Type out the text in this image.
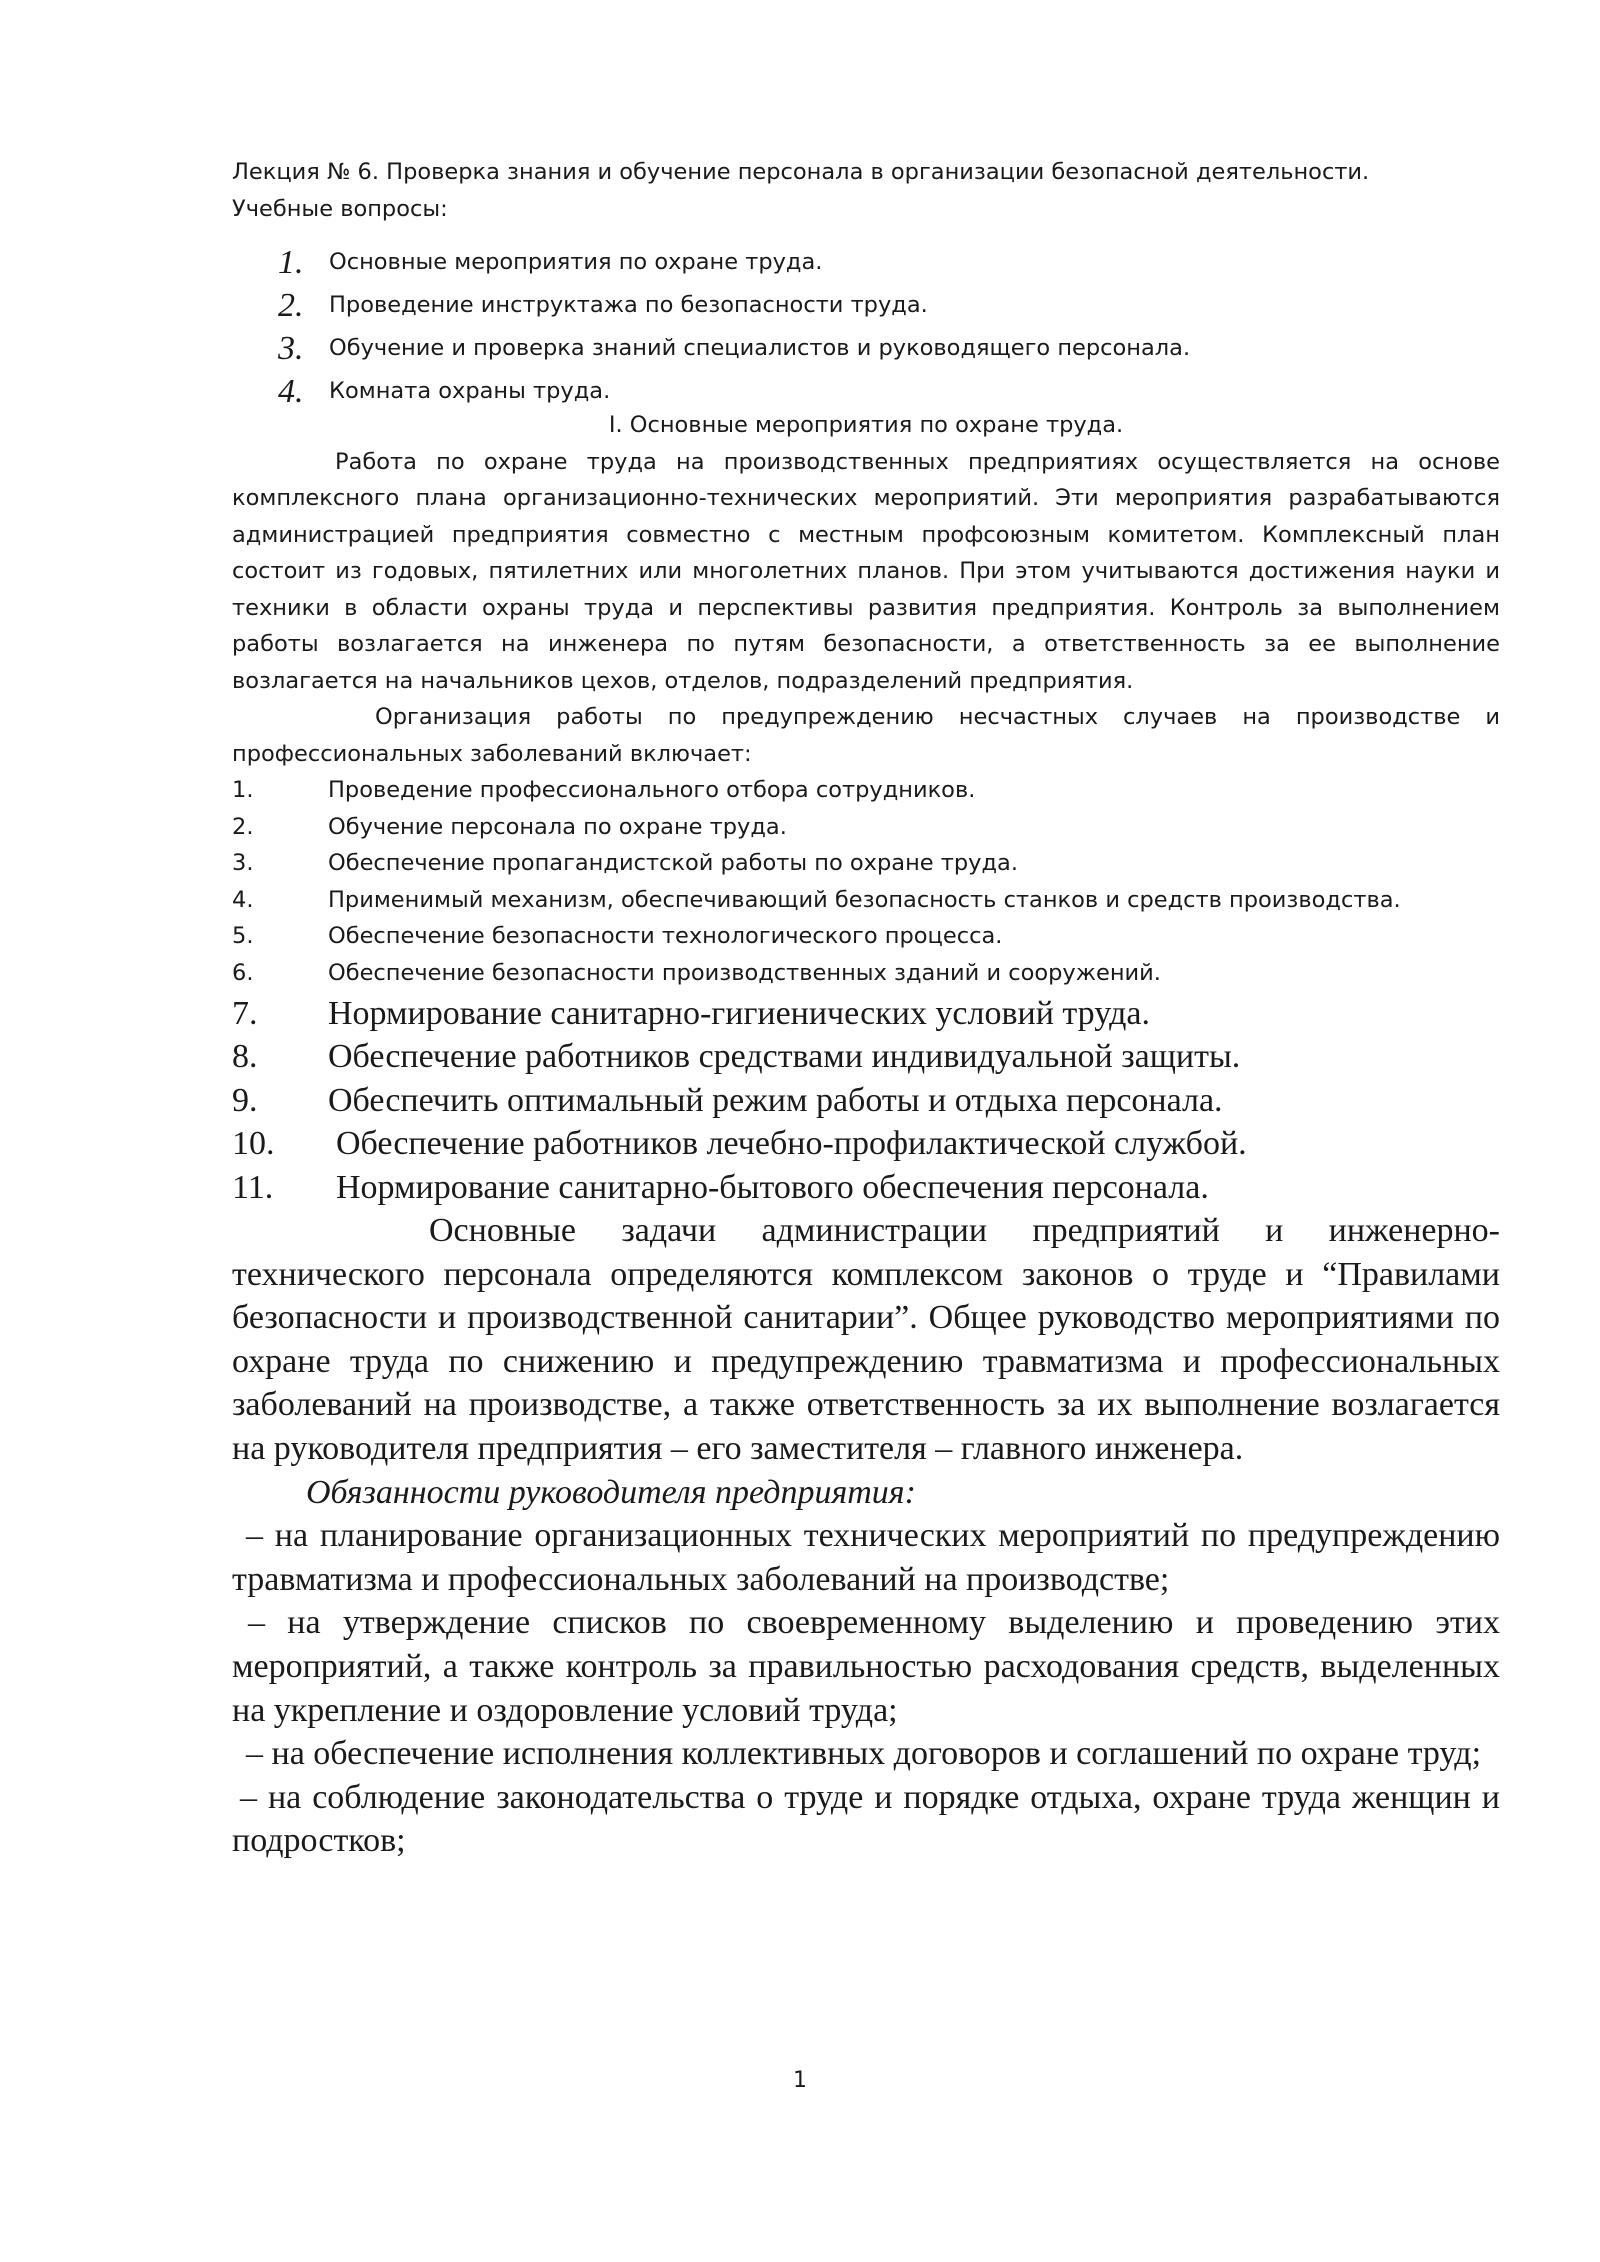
Лекция № 6. Проверка знания и обучение персонала в организации безопасной деятельности.

Учебные вопросы:

1. Основные мероприятия по охране труда.
2. Проведение инструктажа по безопасности труда.
3. Обучение и проверка знаний специалистов и руководящего персонала.
4. Комната охраны труда.

I. Основные мероприятия по охране труда.

Работа по охране труда на производственных предприятиях осуществляется на основе комплексного плана организационно-технических мероприятий. Эти мероприятия разрабатываются администрацией предприятия совместно с местным профсоюзным комитетом. Комплексный план состоит из годовых, пятилетних или многолетних планов. При этом учитываются достижения науки и техники в области охраны труда и перспективы развития предприятия. Контроль за выполнением работы возлагается на инженера по путям безопасности, а ответственность за ее выполнение возлагается на начальников цехов, отделов, подразделений предприятия.

Организация работы по предупреждению несчастных случаев на производстве и профессиональных заболеваний включает:

1.	Проведение профессионального отбора сотрудников.
2.	Обучение персонала по охране труда.
3.	Обеспечение пропагандистской работы по охране труда.
4.	Применимый механизм, обеспечивающий безопасность станков и средств производства.
5.	Обеспечение безопасности технологического процесса.
6.	Обеспечение безопасности производственных зданий и сооружений.
7. Нормирование санитарно-гигиенических условий труда.
8. Обеспечение работников средствами индивидуальной защиты.
9. Обеспечить оптимальный режим работы и отдыха персонала.
10. Обеспечение работников лечебно-профилактической службой.
11. Нормирование санитарно-бытового обеспечения персонала.

Основные задачи администрации предприятий и инженерно-технического персонала определяются комплексом законов о труде и “Правилами безопасности и производственной санитарии”. Общее руководство мероприятиями по охране труда по снижению и предупреждению травматизма и профессиональных заболеваний на производстве, а также ответственность за их выполнение возлагается на руководителя предприятия – его заместителя – главного инженера.

Обязанности руководителя предприятия:

– на планирование организационных технических мероприятий по предупреждению травматизма и профессиональных заболеваний на производстве;

– на утверждение списков по своевременному выделению и проведению этих мероприятий, а также контроль за правильностью расходования средств, выделенных на укрепление и оздоровление условий труда;

– на обеспечение исполнения коллективных договоров и соглашений по охране труд;

– на соблюдение законодательства о труде и порядке отдыха, охране труда женщин и подростков;

1
